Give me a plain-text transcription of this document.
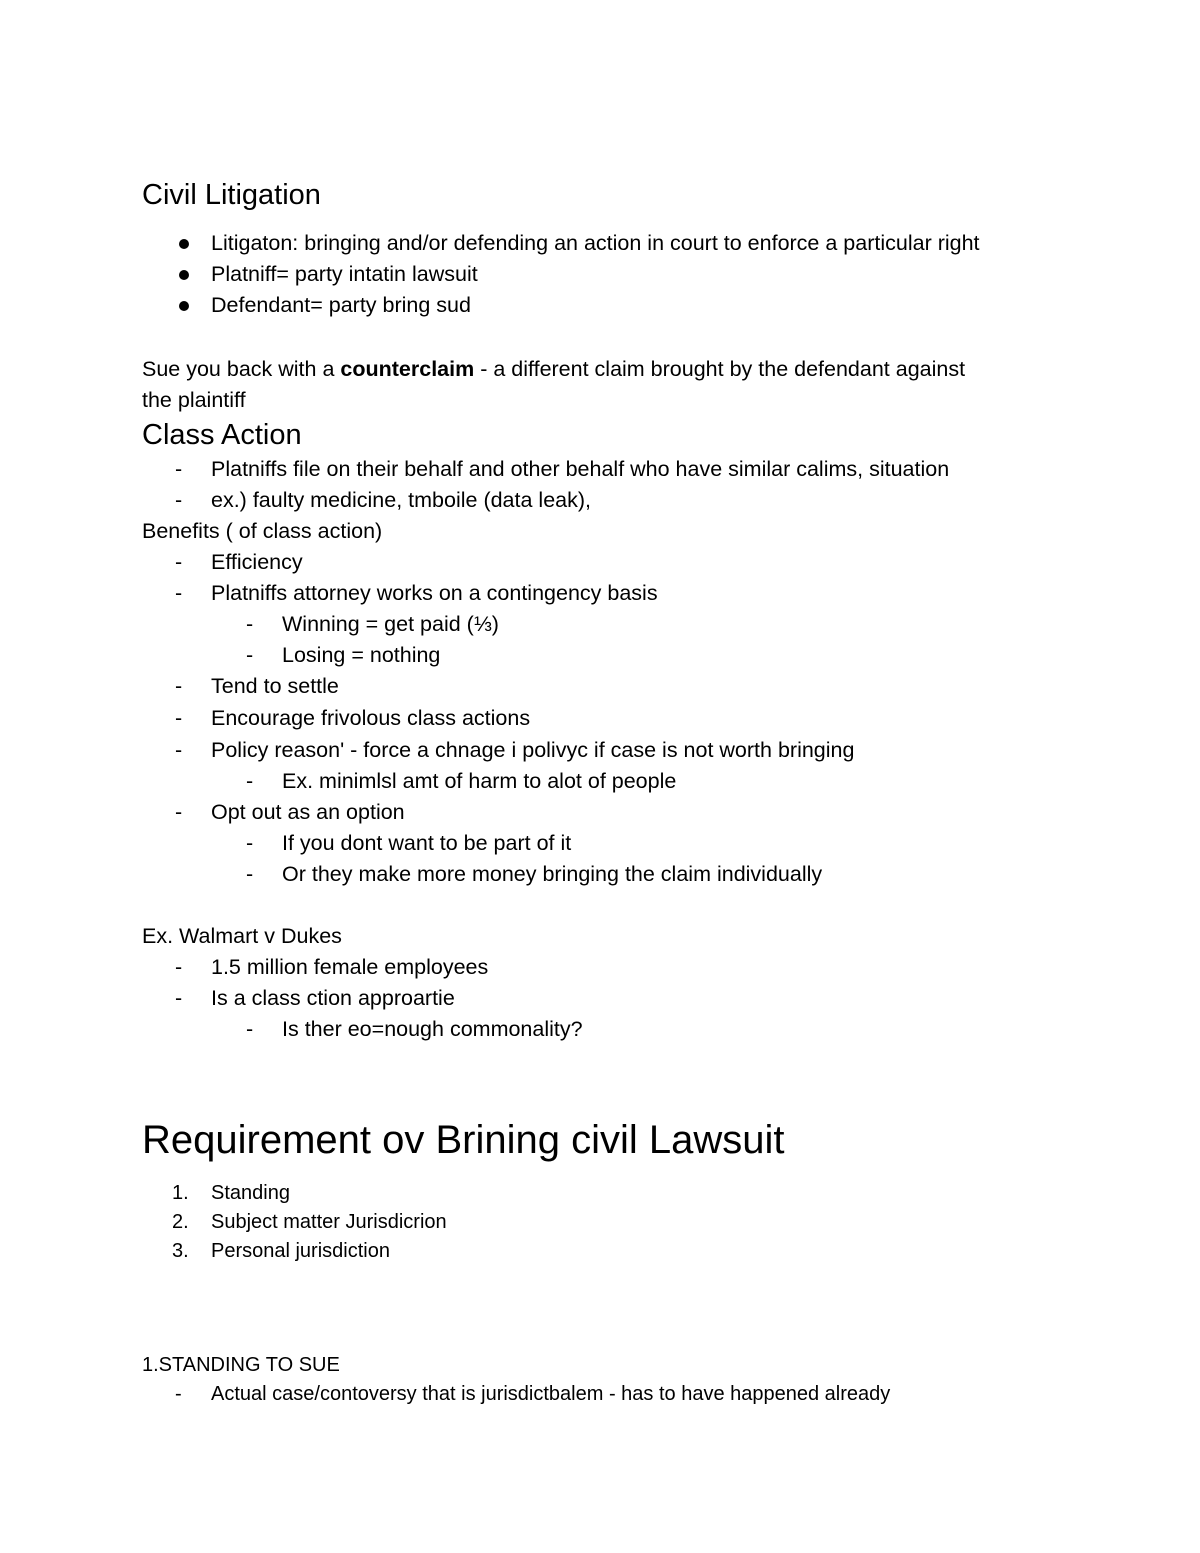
Civil Litigation
Litigaton: bringing and/or defending an action in court to enforce a particular right
Platniff= party intatin lawsuit
Defendant= party bring sud
Sue you back with a counterclaim - a different claim brought by the defendant against
the plaintiff
Class Action
- Platniffs file on their behalf and other behalf who have similar calims, situation
- ex.) faulty medicine, tmboile (data leak),
Benefits ( of class action)
- Efficiency
- Platniffs attorney works on a contingency basis
- Winning = get paid (⅓)
- Losing = nothing
- Tend to settle
- Encourage frivolous class actions
- Policy reason' - force a chnage i polivyc if case is not worth bringing
- Ex. minimlsl amt of harm to alot of people
- Opt out as an option
- If you dont want to be part of it
- Or they make more money bringing the claim individually
Ex. Walmart v Dukes
- 1.5 million female employees
- Is a class ction approartie
- Is ther eo=nough commonality?
Requirement ov Brining civil Lawsuit
1. Standing
2. Subject matter Jurisdicrion
3. Personal jurisdiction
1.STANDING TO SUE
- Actual case/contoversy that is jurisdictbalem - has to have happened already
